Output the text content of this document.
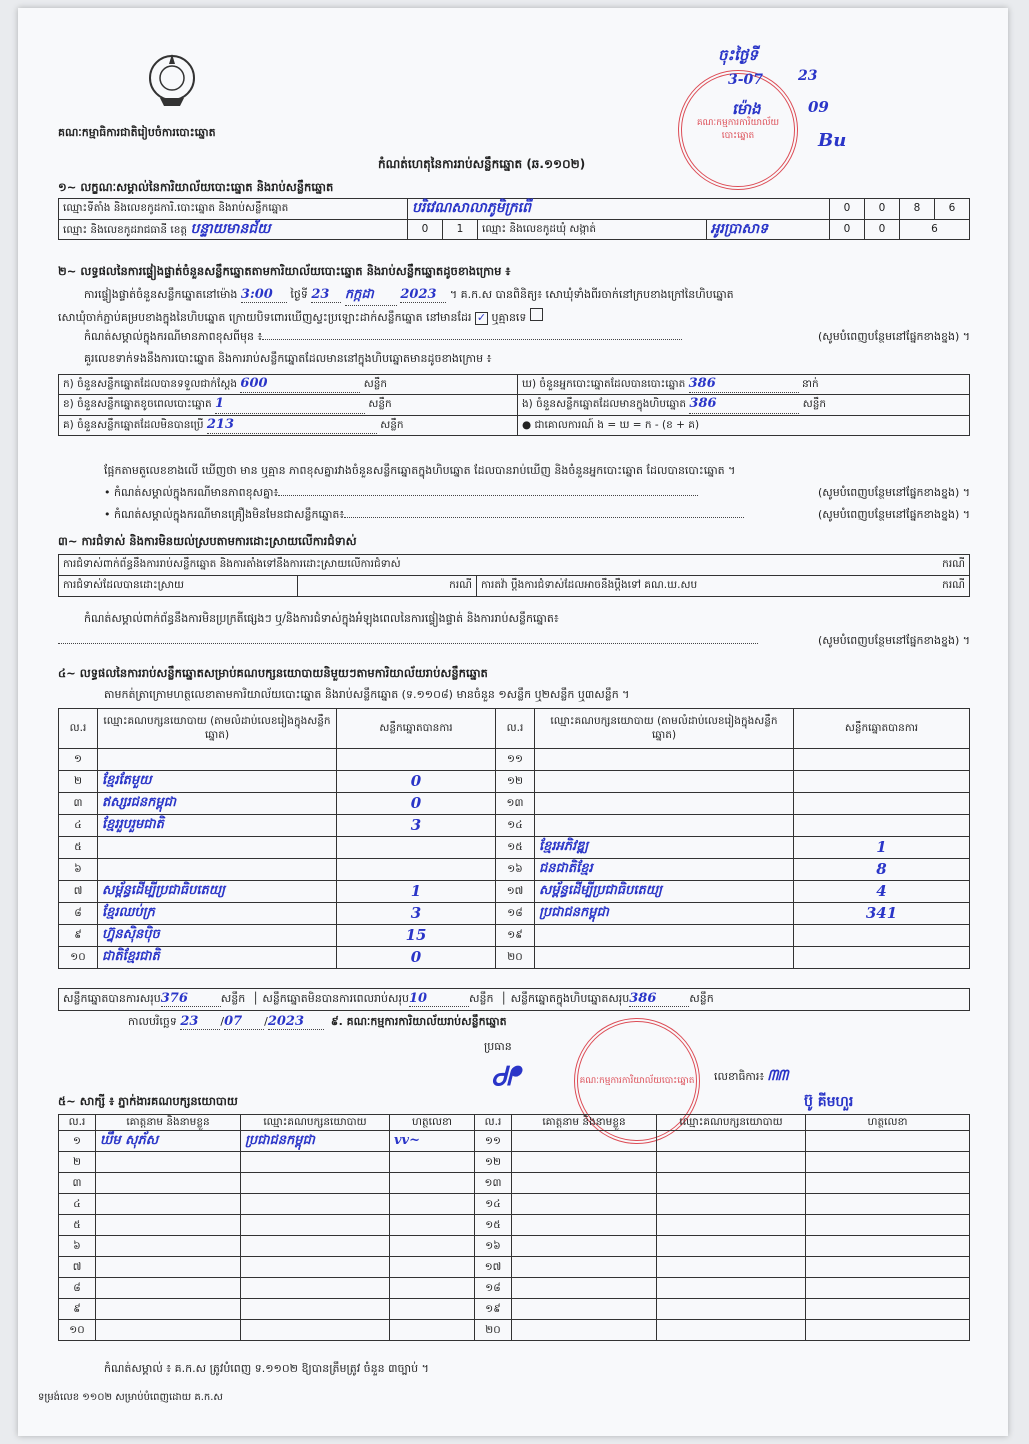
គណៈកម្មាធិការជាតិរៀបចំការបោះឆ្នោត
កំណត់ហេតុនៃការរាប់សន្លឹកឆ្នោត (ឆ.១១០២)
គណៈកម្មការការិយាល័យបោះឆ្នោត
ចុះថ្ងៃទី
3-07 23
ម៉ោង	09
Bu
១~ លក្ខណៈសម្គាល់នៃការិយាល័យបោះឆ្នោត និងរាប់សន្លឹកឆ្នោត
ឈ្មោះទីតាំង និងលេខកូដការិ.បោះឆ្នោត និងរាប់សន្លឹកឆ្នោត	បរិវេណសាលាភូមិក្រពើ				0	0	8	6
ឈ្មោះ និងលេខកូដរាជធានី ខេត្ត បន្ទាយមានជ័យ	0	1	ឈ្មោះ និងលេខកូដឃុំ សង្កាត់	អូរប្រាសាទ	0	0	6	
២~ លទ្ធផលនៃការផ្ទៀងផ្ទាត់ចំនួនសន្លឹកឆ្នោតតាមការិយាល័យបោះឆ្នោត និងរាប់សន្លឹកឆ្នោតដូចខាងក្រោម ៖
ការផ្ទៀងផ្ទាត់ចំនួនសន្លឹកឆ្នោតនៅម៉ោង 3:00 ថ្ងៃទី 23 កក្កដា 2023 ។ គ.ក.ស បានពិនិត្យ៖ សោឃុំទាំងពីរចាក់នៅក្របខាងក្រៅនៃហិបឆ្នោត
សោឃុំចាក់ភ្ជាប់គម្របខាងក្នុងនៃហិបឆ្នោត ក្រោយបិទពោរឃើញស្ទះប្រឡោះដាក់សន្លឹកឆ្នោត នៅមានដែរ ✓ ឬគ្មានទេ
កំណត់សម្គាល់ក្នុងករណីមានភាពខុសពីមុន ៖	(សូមបំពេញបន្ថែមនៅផ្នែកខាងខ្នង) ។
គួរលេខទាក់ទងនឹងការបោះឆ្នោត និងការរាប់សន្លឹកឆ្នោតដែលមាននៅក្នុងហិបឆ្នោតមានដូចខាងក្រោម ៖
ក) ចំនួនសន្លឹកឆ្នោតដែលបានទទួលជាក់ស្តែង 600 សន្លឹក	ឃ) ចំនួនអ្នកបោះឆ្នោតដែលបានបោះឆ្នោត 386 នាក់
ខ) ចំនួនសន្លឹកឆ្នោតខូចពេលបោះឆ្នោត 1 សន្លឹក	ង) ចំនួនសន្លឹកឆ្នោតដែលមានក្នុងហិបឆ្នោត 386 សន្លឹក
គ) ចំនួនសន្លឹកឆ្នោតដែលមិនបានប្រើ 213 សន្លឹក	● ជាគោលការណ៍ ង = ឃ = ក - (ខ + គ)
ផ្អែកតាមតួលេខខាងលើ ឃើញថា មាន ឬគ្មាន ភាពខុសគ្នារវាងចំនួនសន្លឹកឆ្នោតក្នុងហិបឆ្នោត ដែលបានរាប់ឃើញ និងចំនួនអ្នកបោះឆ្នោត ដែលបានបោះឆ្នោត ។
• កំណត់សម្គាល់ក្នុងករណីមានភាពខុសគ្នា៖	(សូមបំពេញបន្ថែមនៅផ្នែកខាងខ្នង) ។
• កំណត់សម្គាល់ក្នុងករណីមានគ្រឿងមិនមែនជាសន្លឹកឆ្នោត៖	(សូមបំពេញបន្ថែមនៅផ្នែកខាងខ្នង) ។
៣~ ការជំទាស់ និងការមិនយល់ស្របតាមការដោះស្រាយលើការជំទាស់
ការជំទាស់ពាក់ព័ន្ធនឹងការរាប់សន្លឹកឆ្នោត និងការតាំងទៅនឹងការដោះស្រាយលើការជំទាស់	ករណី

ការជំទាស់ដែលបានដោះស្រាយ	ករណី	ការតវ៉ា ប្តឹងការជំទាស់ដែលអាចនឹងប្តឹងទៅ គណ.ឃ.សប	ករណី
កំណត់សម្គាល់ពាក់ព័ន្ធនឹងការមិនប្រក្រតីផ្សេងៗ ឬ/និងការជំទាស់ក្នុងអំឡុងពេលនៃការផ្ទៀងផ្ទាត់ និងការរាប់សន្លឹកឆ្នោត៖
(សូមបំពេញបន្ថែមនៅផ្នែកខាងខ្នង) ។
៤~ លទ្ធផលនៃការរាប់សន្លឹកឆ្នោតសម្រាប់គណបក្សនយោបាយនិមួយៗតាមការិយាល័យរាប់សន្លឹកឆ្នោត
តាមកត់ត្រាក្រោមហត្ថលេខាតាមការិយាល័យបោះឆ្នោត និងរាប់សន្លឹកឆ្នោត (ទ.១១០៨) មានចំនួន ១សន្លឹក ឬ២សន្លឹក ឬ៣សន្លឹក ។
ល.រ	ឈ្មោះគណបក្សនយោបាយ (តាមលំដាប់លេខរៀងក្នុងសន្លឹកឆ្នោត)	សន្លឹកឆ្នោតបានការ	ល.រ	ឈ្មោះគណបក្សនយោបាយ (តាមលំដាប់លេខរៀងក្នុងសន្លឹកឆ្នោត)	សន្លឹកឆ្នោតបានការ
១			១១		
២	ខ្មែរតែមួយ	0	១២		
៣	ឥស្សរជនកម្ពុជា	0	១៣		
៤	ខ្មែររួបរួមជាតិ	3	១៤		
៥			១៥	ខ្មែរអភិវឌ្ឍ	1
៦			១៦	ជនជាតិខ្មែរ	8
៧	សម្ព័ន្ធដើម្បីប្រជាធិបតេយ្យ	1	១៧	សម្ព័ន្ធដើម្បីប្រជាធិបតេយ្យ	4
៨	ខ្មែរឈប់ក្រ	3	១៨	ប្រជាជនកម្ពុជា	341
៩	ហ្វ៊ុនស៊ិនប៉ិច	15	១៩		
១០	ជាតិខ្មែរជាតិ	0	២០		
សន្លឹកឆ្នោតបានការសរុប376	សន្លឹក  │ សន្លឹកឆ្នោតមិនបានការពេលរាប់សរុប10	សន្លឹក  │ សន្លឹកឆ្នោតក្នុងហិបឆ្នោតសរុប386	សន្លឹក
កាលបរិច្ឆេទ 23 /07 /2023 ៩. គណៈកម្មការការិយាល័យរាប់សន្លឹកឆ្នោត
ប្រធាន
Ꮷᖰ	គណៈកម្មការការិយាល័យបោះឆ្នោត លេខាធិការ៖ ᗰᗰ
ប៊ូ គីមហួរ
៥~ សាក្សី ៖ ភ្នាក់ងារគណបក្សនយោបាយ
ល.រ	គោត្តនាម និងនាមខ្លួន	ឈ្មោះគណបក្សនយោបាយ	ហត្ថលេខា	ល.រ	គោត្តនាម និងនាមខ្លួន	ឈ្មោះគណបក្សនយោបាយ	ហត្ថលេខា
១	ឃឹម សុភ័ស	ប្រជាជនកម្ពុជា	vv~	១១			
២				១២			
៣				១៣			
៤				១៤			
៥				១៥			
៦				១៦			
៧				១៧			
៨				១៨			
៩				១៩			
១០				២០			
កំណត់សម្គាល់ ៖ គ.ក.ស ត្រូវបំពេញ ទ.១១០២ ឱ្យបានត្រឹមត្រូវ ចំនួន ៣ច្បាប់ ។
ទម្រង់លេខ ១១០២ សម្រាប់បំពេញដោយ គ.ក.ស
